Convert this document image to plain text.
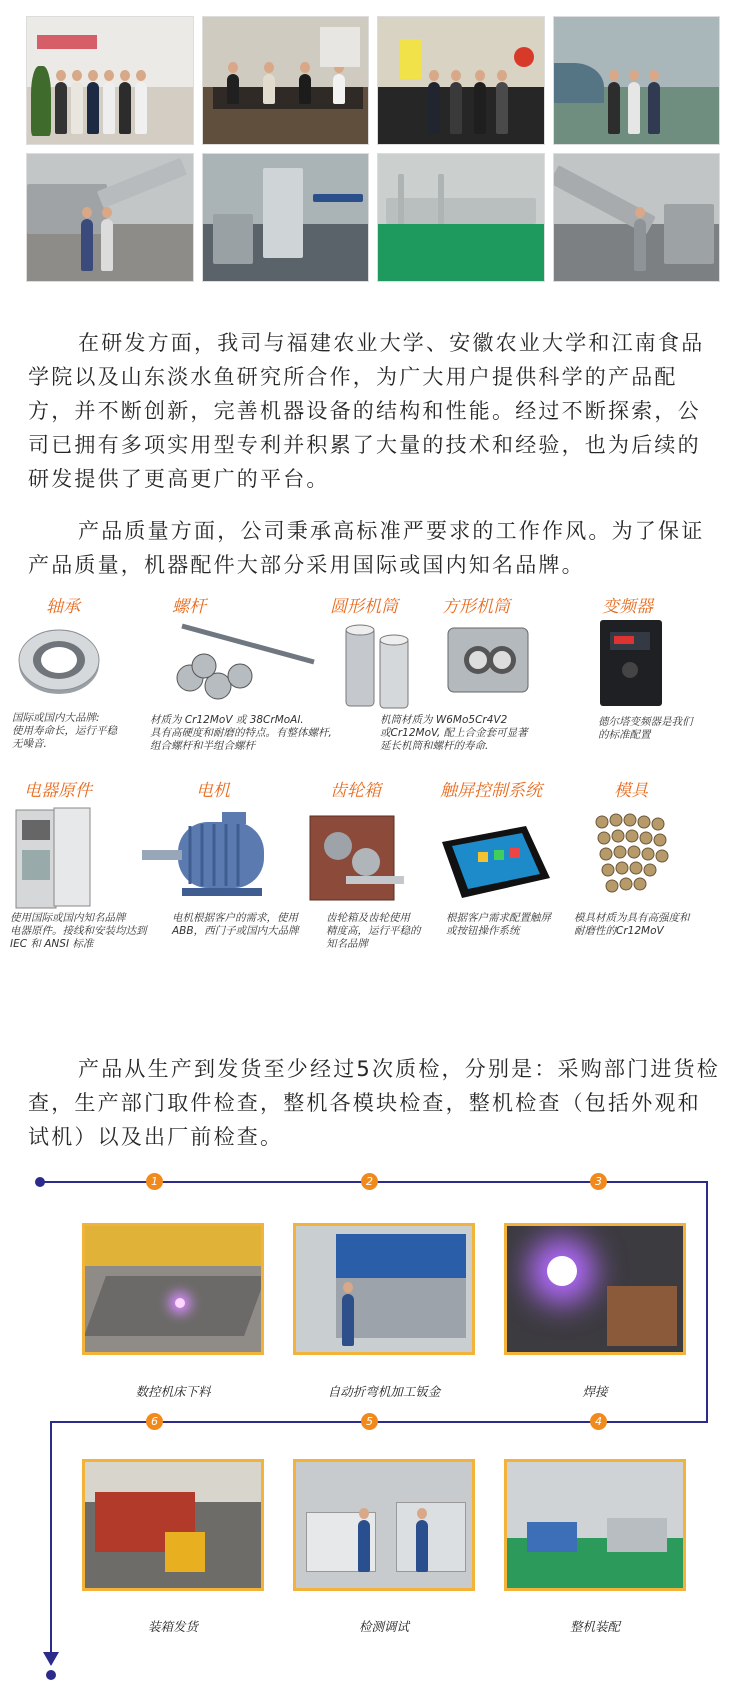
在研发方面，我司与福建农业大学、安徽农业大学和江南食品学院以及山东淡水鱼研究所合作，为广大用户提供科学的产品配方，并不断创新，完善机器设备的结构和性能。经过不断探索，公司已拥有多项实用型专利并积累了大量的技术和经验，也为后续的研发提供了更高更广的平台。

产品质量方面，公司秉承高标准严要求的工作作风。为了保证产品质量，机器配件大部分采用国际或国内知名品牌。

轴承
国际或国内大品牌:
使用寿命长，运行平稳
无噪音.
螺杆
材质为 Cr12MoV 或 38CrMoAl.
具有高硬度和耐磨的特点。有整体螺杆,
组合螺杆和半组合螺杆
圆形机筒
机筒材质为 W6Mo5Cr4V2
或Cr12MoV, 配上合金套可显著
延长机筒和螺杆的寿命.
方形机筒	变频器
德尔塔变频器是我们
的标准配置
电器原件
使用国际或国内知名品牌
电器原件。接线和安装均达到
IEC 和 ANSI 标准
电机
电机根据客户的需求，使用
ABB，西门子或国内大品牌
齿轮箱
齿轮箱及齿轮使用
精度高，运行平稳的
知名品牌
触屏控制系统
根据客户需求配置触屏
或按钮操作系统
模具
模具材质为具有高强度和
耐磨性的Cr12MoV

产品从生产到发货至少经过5次质检，分别是：采购部门进货检查，生产部门取件检查，整机各模块检查，整机检查（包括外观和试机）以及出厂前检查。

1	2	3
4
5
6
数控机床下料	自动折弯机加工钣金	焊接
装箱发货	检测调试	整机装配
